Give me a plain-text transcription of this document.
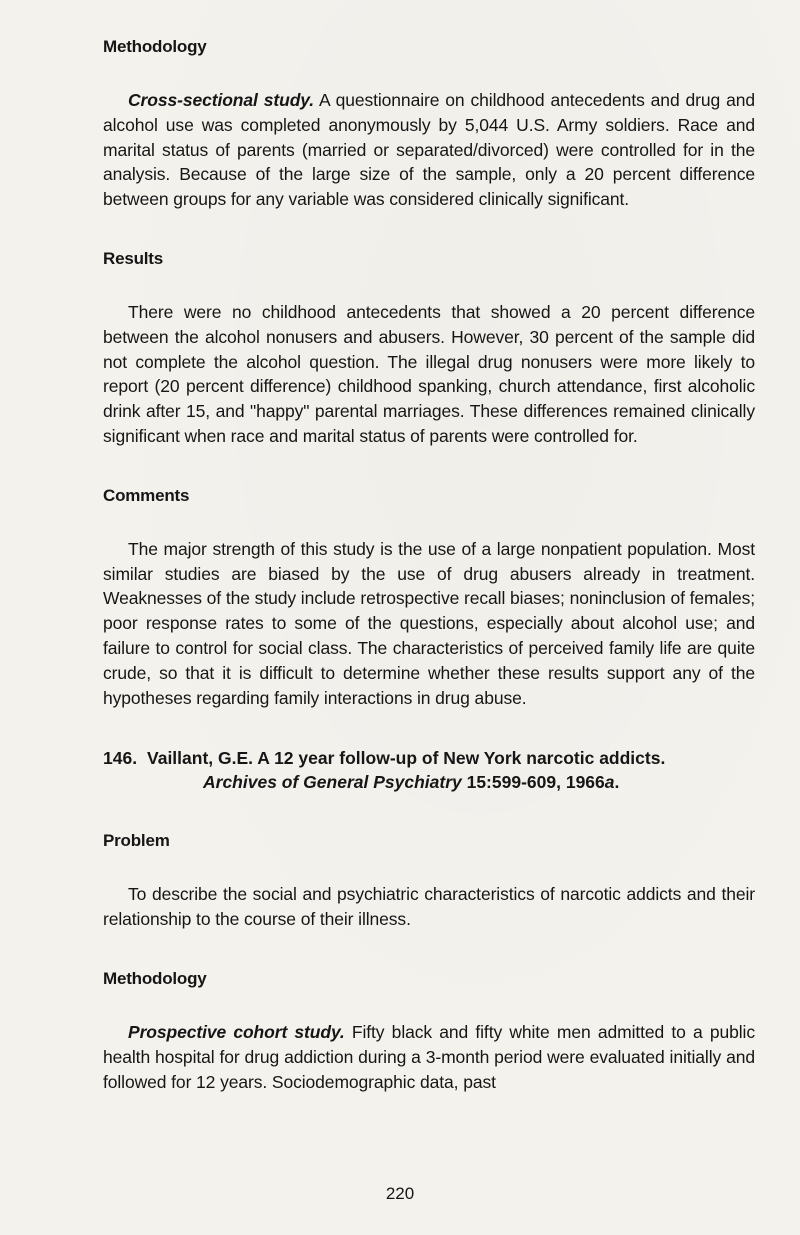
Methodology

Cross-sectional study. A questionnaire on childhood antecedents and drug and alcohol use was completed anonymously by 5,044 U.S. Army soldiers. Race and marital status of parents (married or separated/divorced) were controlled for in the analysis. Because of the large size of the sample, only a 20 percent difference between groups for any variable was considered clinically significant.

Results

There were no childhood antecedents that showed a 20 percent difference between the alcohol nonusers and abusers. However, 30 percent of the sample did not complete the alcohol question. The illegal drug nonusers were more likely to report (20 percent difference) childhood spanking, church attendance, first alcoholic drink after 15, and "happy" parental marriages. These differences remained clinically significant when race and marital status of parents were controlled for.

Comments

The major strength of this study is the use of a large nonpatient population. Most similar studies are biased by the use of drug abusers already in treatment. Weaknesses of the study include retrospective recall biases; noninclusion of females; poor response rates to some of the questions, especially about alcohol use; and failure to control for social class. The characteristics of perceived family life are quite crude, so that it is difficult to determine whether these results support any of the hypotheses regarding family interactions in drug abuse.

146. Vaillant, G.E. A 12 year follow-up of New York narcotic addicts.
Archives of General Psychiatry 15:599-609, 1966a.

Problem

To describe the social and psychiatric characteristics of narcotic addicts and their relationship to the course of their illness.

Methodology

Prospective cohort study. Fifty black and fifty white men admitted to a public health hospital for drug addiction during a 3-month period were evaluated initially and followed for 12 years. Sociodemographic data, past

220
